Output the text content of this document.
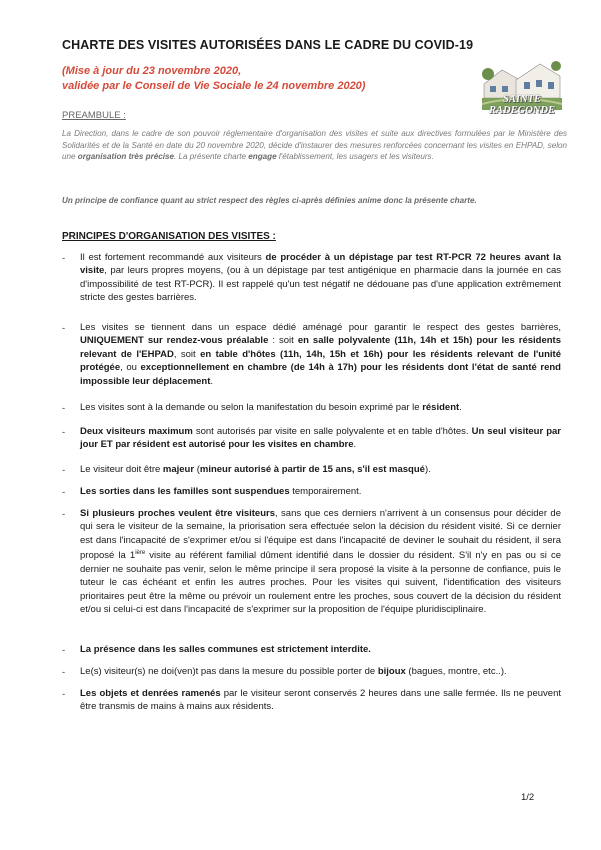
CHARTE DES VISITES AUTORISÉES DANS LE CADRE DU COVID-19
(Mise à jour du 23 novembre 2020,
validée par le Conseil de Vie Sociale le 24 novembre 2020)
SAINTE RADEGONDE
PREAMBULE :
La Direction, dans le cadre de son pouvoir réglementaire d'organisation des visites et suite aux directives formulées par le Ministère des Solidarités et de la Santé en date du 20 novembre 2020, décide d'instaurer des mesures renforcées concernant les visites en EHPAD, selon une organisation très précise. La présente charte engage l'établissement, les usagers et les visiteurs.
Un principe de confiance quant au strict respect des règles ci-après définies anime donc la présente charte.
PRINCIPES D'ORGANISATION DES VISITES :
- Il est fortement recommandé aux visiteurs de procéder à un dépistage par test RT-PCR 72 heures avant la visite, par leurs propres moyens, (ou à un dépistage par test antigénique en pharmacie dans la journée en cas d'impossibilité de test RT-PCR). Il est rappelé qu'un test négatif ne dédouane pas d'une application extrêmement stricte des gestes barrières.
- Les visites se tiennent dans un espace dédié aménagé pour garantir le respect des gestes barrières, UNIQUEMENT sur rendez-vous préalable : soit en salle polyvalente (11h, 14h et 15h) pour les résidents relevant de l'EHPAD, soit en table d'hôtes (11h, 14h, 15h et 16h) pour les résidents relevant de l'unité protégée, ou exceptionnellement en chambre (de 14h à 17h) pour les résidents dont l'état de santé rend impossible leur déplacement.
- Les visites sont à la demande ou selon la manifestation du besoin exprimé par le résident.
- Deux visiteurs maximum sont autorisés par visite en salle polyvalente et en table d'hôtes. Un seul visiteur par jour ET par résident est autorisé pour les visites en chambre.
- Le visiteur doit être majeur (mineur autorisé à partir de 15 ans, s'il est masqué).
- Les sorties dans les familles sont suspendues temporairement.
- Si plusieurs proches veulent être visiteurs, sans que ces derniers n'arrivent à un consensus pour décider de qui sera le visiteur de la semaine, la priorisation sera effectuée selon la décision du résident visité. Si ce dernier est dans l'incapacité de s'exprimer et/ou si l'équipe est dans l'incapacité de deviner le souhait du résident, il sera proposé la $1^{ière}$ visite au référent familial dûment identifié dans le dossier du résident. S'il n'y en pas ou si ce dernier ne souhaite pas venir, selon le même principe il sera proposé la visite à la personne de confiance, puis le tuteur le cas échéant et enfin les autres proches. Pour les visites qui suivent, l'identification des visiteurs prioritaires peut être la même ou prévoir un roulement entre les proches, sous couvert de la décision du résident et/ou si celui-ci est dans l'incapacité de s'exprimer sur la proposition de l'équipe pluridisciplinaire.
- La présence dans les salles communes est strictement interdite.
- Le(s) visiteur(s) ne doi(ven)t pas dans la mesure du possible porter de bijoux (bagues, montre, etc..).
- Les objets et denrées ramenés par le visiteur seront conservés 2 heures dans une salle fermée. Ils ne peuvent être transmis de mains à mains aux résidents.
1/2
